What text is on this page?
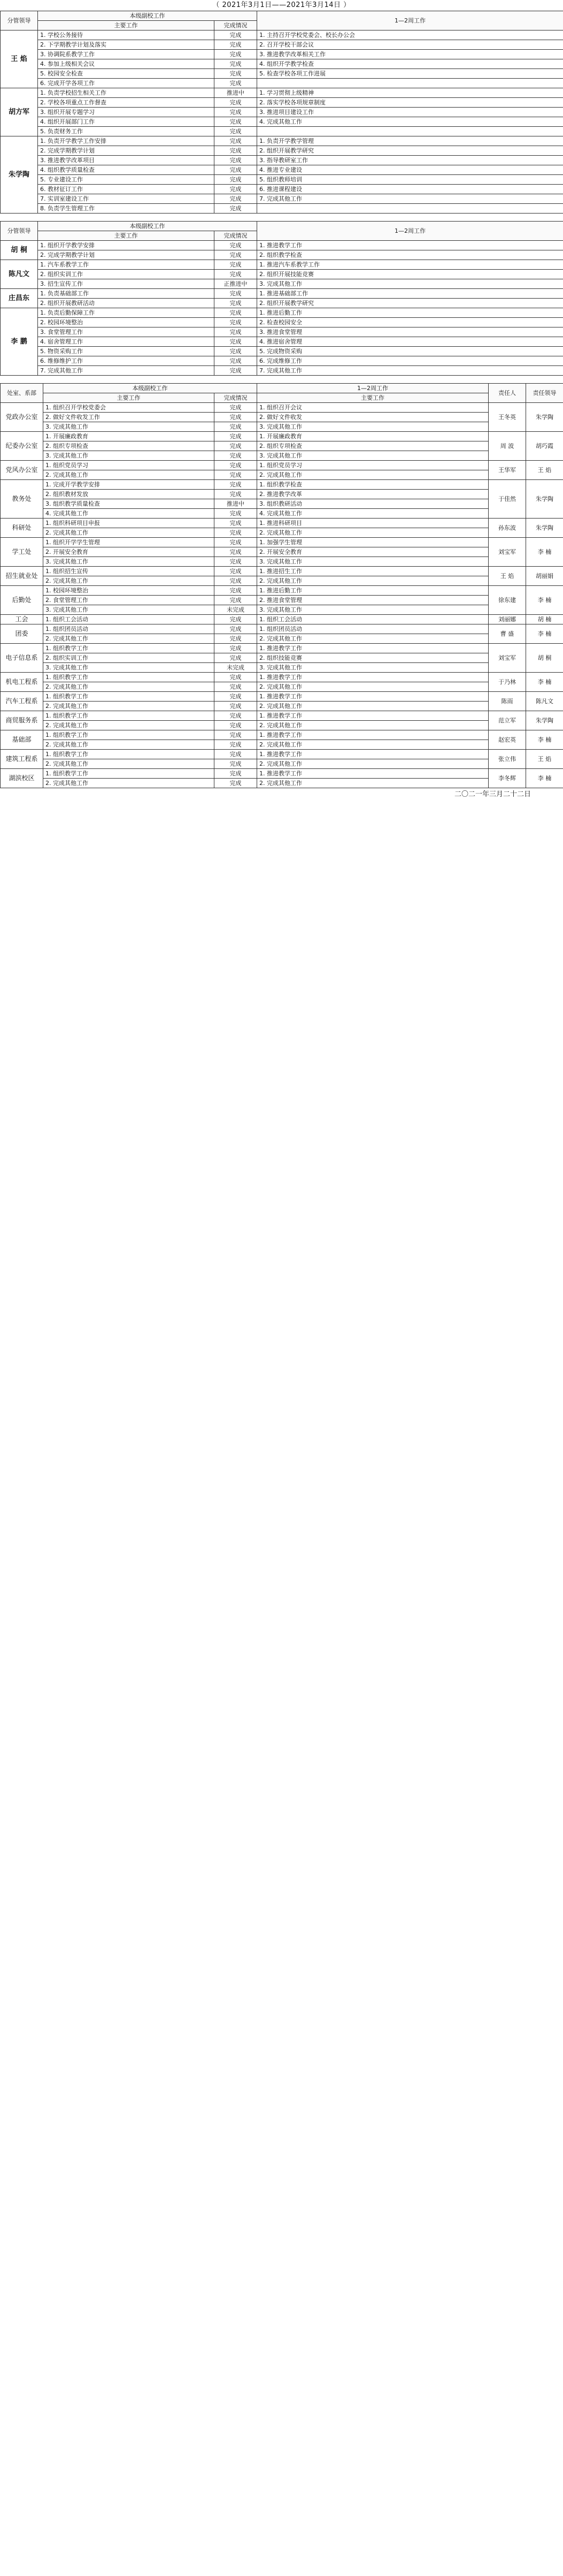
（ 2021年3月1日——2021年3月14日 ）
分管领导	本级副校工作		1—2周工作
	主要工作	完成情况	
王 焰	1. 学校公务接待	完成	1. 主持召开学校党委会、校长办公会
	2. 下学期教学计划及落实	完成	2. 召开学校干部会议
	3. 协调院系教学工作	完成	3. 推进教学改革相关工作
	4. 参加上级相关会议	完成	4. 组织开学教学检查
	5. 校园安全检查	完成	5. 检查学校各项工作进展
	6. 完成开学各项工作	完成	
胡方军	1. 负责学校招生相关工作	推进中	1. 学习贯彻上级精神
	2. 学校各项重点工作督查	完成	2. 落实学校各项规章制度
	3. 组织开展专题学习	完成	3. 推进项目建设工作
	4. 组织开展部门工作	完成	4. 完成其他工作
	5. 负责财务工作	完成	
朱学陶	1. 负责开学教学工作安排	完成	1. 负责开学教学管理
	2. 完成学期教学计划	完成	2. 组织开展教学研究
	3. 推进教学改革项目	完成	3. 指导教研室工作
	4. 组织教学质量检查	完成	4. 推进专业建设
	5. 专业建设工作	完成	5. 组织教师培训
	6. 教材征订工作	完成	6. 推进课程建设
	7. 实训室建设工作	完成	7. 完成其他工作
	8. 负责学生管理工作	完成	
分管领导	本级副校工作		1—2周工作
	主要工作	完成情况	
胡 桐	1. 组织开学教学安排	完成	1. 推进教学工作
	2. 完成学期教学计划	完成	2. 组织教学检查
陈凡文	1. 汽车系教学工作	完成	1. 推进汽车系教学工作
	2. 组织实训工作	完成	2. 组织开展技能竞赛
	3. 招生宣传工作	正推进中	3. 完成其他工作
庄昌东	1. 负责基础部工作	完成	1. 推进基础部工作
	2. 组织开展教研活动	完成	2. 组织开展教学研究
李 鹏	1. 负责后勤保障工作	完成	1. 推进后勤工作
	2. 校园环境整治	完成	2. 检查校园安全
	3. 食堂管理工作	完成	3. 推进食堂管理
	4. 宿舍管理工作	完成	4. 推进宿舍管理
	5. 物资采购工作	完成	5. 完成物资采购
	6. 维修维护工作	完成	6. 完成维修工作
	7. 完成其他工作	完成	7. 完成其他工作
处室、系部	本级副校工作		1—2周工作	责任人	责任领导
	主要工作	完成情况	主要工作		
党政办公室	1. 组织召开学校党委会	完成	1. 组织召开会议	王冬英	朱学陶
	2. 做好文件收发工作	完成	2. 做好文件收发		
	3. 完成其他工作	完成	3. 完成其他工作		
纪委办公室	1. 开展廉政教育	完成	1. 开展廉政教育	周 波	胡巧霞
	2. 组织专项检查	完成	2. 组织专项检查		
	3. 完成其他工作	完成	3. 完成其他工作		
党风办公室	1. 组织党员学习	完成	1. 组织党员学习	王华军	王 焰
	2. 完成其他工作	完成	2. 完成其他工作		
教务处	1. 完成开学教学安排	完成	1. 组织教学检查	于佳然	朱学陶
	2. 组织教材发放	完成	2. 推进教学改革		
	3. 组织教学质量检查	推进中	3. 组织教研活动		
	4. 完成其他工作	完成	4. 完成其他工作		
科研处	1. 组织科研项目申报	完成	1. 推进科研项目	孙东波	朱学陶
	2. 完成其他工作	完成	2. 完成其他工作		
学工处	1. 组织开学学生管理	完成	1. 加强学生管理	刘宝军	李 楠
	2. 开展安全教育	完成	2. 开展安全教育		
	3. 完成其他工作	完成	3. 完成其他工作		
招生就业处	1. 组织招生宣传	完成	1. 推进招生工作	王 焰	胡丽娟
	2. 完成其他工作	完成	2. 完成其他工作		
后勤处	1. 校园环境整治	完成	1. 推进后勤工作	徐东建	李 楠
	2. 食堂管理工作	完成	2. 推进食堂管理		
	3. 完成其他工作	未完成	3. 完成其他工作		
工会	1. 组织工会活动	完成	1. 组织工会活动	刘丽娜	胡 楠
团委	1. 组织团员活动	完成	1. 组织团员活动	曹 盛	李 楠
	2. 完成其他工作	完成	2. 完成其他工作		
电子信息系	1. 组织教学工作	完成	1. 推进教学工作	刘宝军	胡 桐
	2. 组织实训工作	完成	2. 组织技能竞赛		
	3. 完成其他工作	未完成	3. 完成其他工作		
机电工程系	1. 组织教学工作	完成	1. 推进教学工作	于乃林	李 楠
	2. 完成其他工作	完成	2. 完成其他工作		
汽车工程系	1. 组织教学工作	完成	1. 推进教学工作	陈雨	陈凡文
	2. 完成其他工作	完成	2. 完成其他工作		
商贸服务系	1. 组织教学工作	完成	1. 推进教学工作	范立军	朱学陶
	2. 完成其他工作	完成	2. 完成其他工作		
基础部	1. 组织教学工作	完成	1. 推进教学工作	赵宏英	李 楠
	2. 完成其他工作	完成	2. 完成其他工作		
建筑工程系	1. 组织教学工作	完成	1. 推进教学工作	张立伟	王 焰
	2. 完成其他工作	完成	2. 完成其他工作		
湖滨校区	1. 组织教学工作	完成	1. 推进教学工作	李冬辉	李 楠
	2. 完成其他工作	完成	2. 完成其他工作		
二〇二一年三月二十二日
